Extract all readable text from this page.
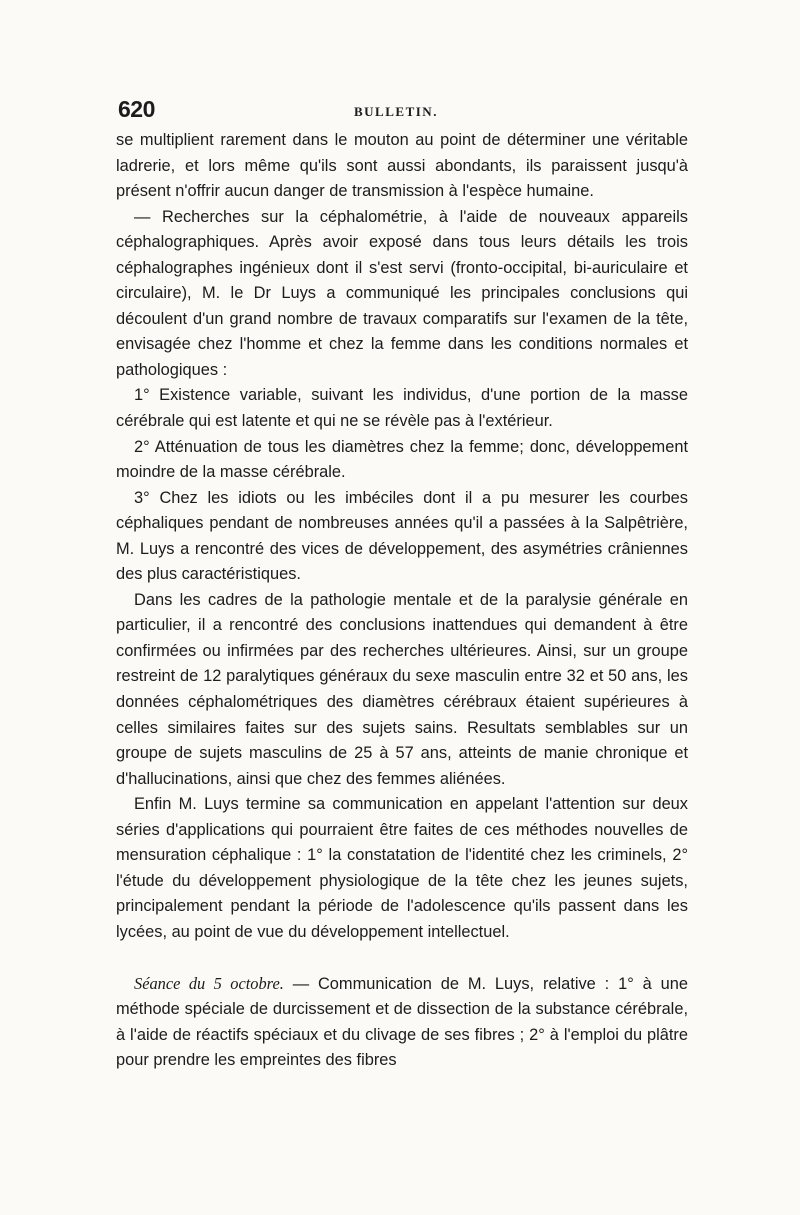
620	BULLETIN.

se multiplient rarement dans le mouton au point de déterminer une véritable ladrerie, et lors même qu'ils sont aussi abondants, ils paraissent jusqu'à présent n'offrir aucun danger de transmission à l'espèce humaine.

— Recherches sur la céphalométrie, à l'aide de nouveaux appareils céphalographiques. Après avoir exposé dans tous leurs détails les trois céphalographes ingénieux dont il s'est servi (fronto-occipital, bi-auriculaire et circulaire), M. le Dr Luys a communiqué les principales conclusions qui découlent d'un grand nombre de travaux comparatifs sur l'examen de la tête, envisagée chez l'homme et chez la femme dans les conditions normales et pathologiques :

1° Existence variable, suivant les individus, d'une portion de la masse cérébrale qui est latente et qui ne se révèle pas à l'extérieur.

2° Atténuation de tous les diamètres chez la femme; donc, développement moindre de la masse cérébrale.

3° Chez les idiots ou les imbéciles dont il a pu mesurer les courbes céphaliques pendant de nombreuses années qu'il a passées à la Salpêtrière, M. Luys a rencontré des vices de développement, des asymétries crâniennes des plus caractéristiques.

Dans les cadres de la pathologie mentale et de la paralysie générale en particulier, il a rencontré des conclusions inattendues qui demandent à être confirmées ou infirmées par des recherches ultérieures. Ainsi, sur un groupe restreint de 12 paralytiques généraux du sexe masculin entre 32 et 50 ans, les données céphalométriques des diamètres cérébraux étaient supérieures à celles similaires faites sur des sujets sains. Resultats semblables sur un groupe de sujets masculins de 25 à 57 ans, atteints de manie chronique et d'hallucinations, ainsi que chez des femmes aliénées.

Enfin M. Luys termine sa communication en appelant l'attention sur deux séries d'applications qui pourraient être faites de ces méthodes nouvelles de mensuration céphalique : 1° la constatation de l'identité chez les criminels, 2° l'étude du développement physiologique de la tête chez les jeunes sujets, principalement pendant la période de l'adolescence qu'ils passent dans les lycées, au point de vue du développement intellectuel.

Séance du 5 octobre. — Communication de M. Luys, relative : 1° à une méthode spéciale de durcissement et de dissection de la substance cérébrale, à l'aide de réactifs spéciaux et du clivage de ses fibres ; 2° à l'emploi du plâtre pour prendre les empreintes des fibres
